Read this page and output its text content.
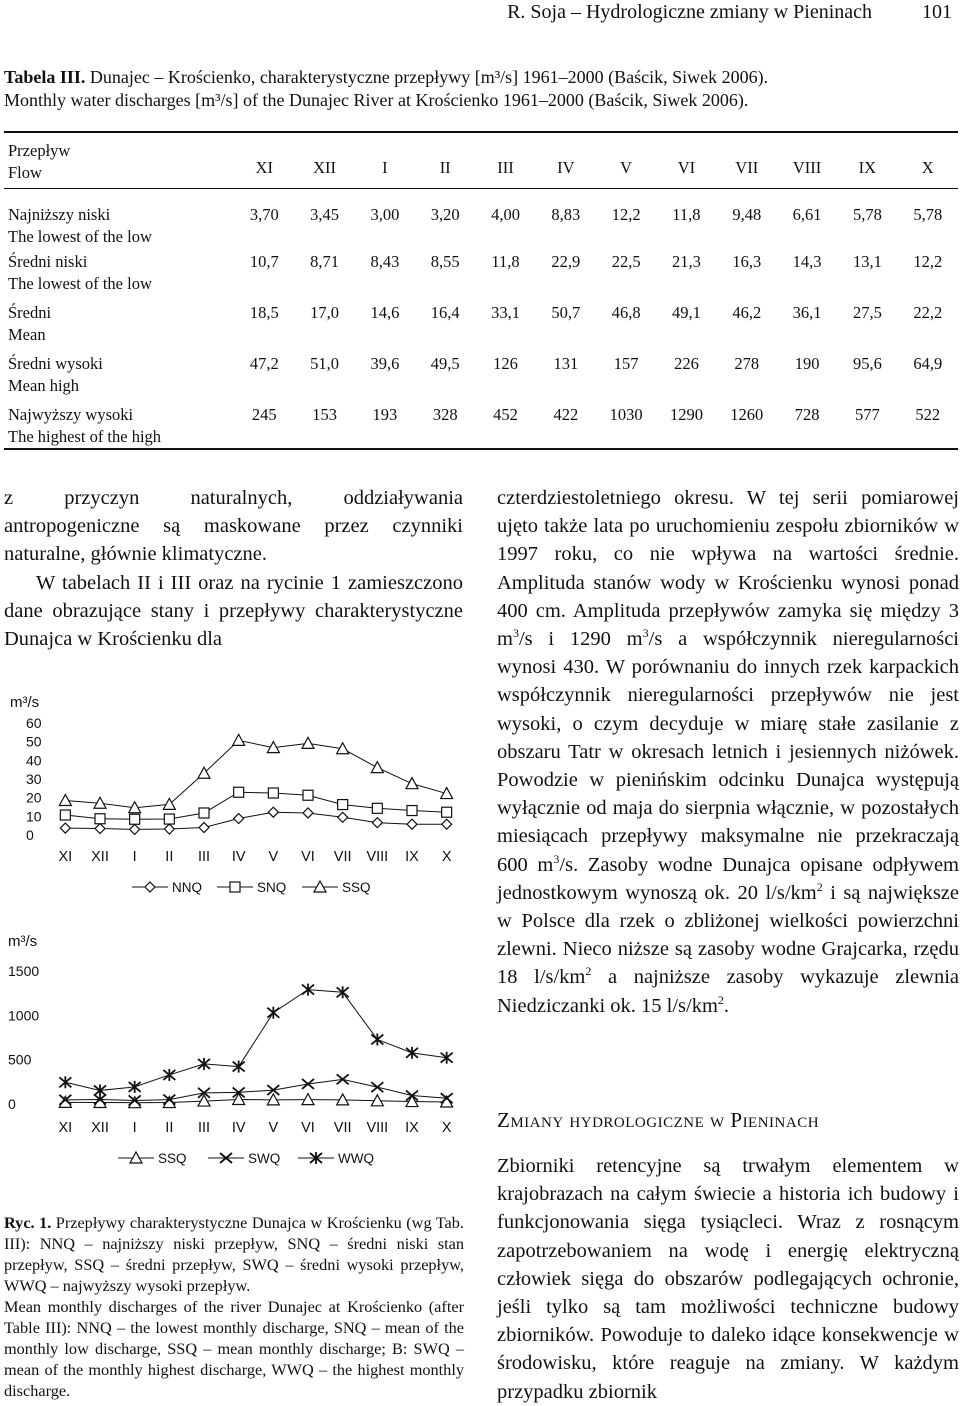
R. Soja – Hydrologiczne zmiany w Pieninach	101
Tabela III. Dunajec – Krościenko, charakterystyczne przepływy [m³/s] 1961–2000 (Baścik, Siwek 2006).
Monthly water discharges [m³/s] of the Dunajec River at Krościenko 1961–2000 (Baścik, Siwek 2006).
Przepływ
Flow	XI	XII	I	II	III	IV	V	VI	VII	VIII	IX	X
Najniższy niski
The lowest of the low	3,70	3,45	3,00	3,20	4,00	8,83	12,2	11,8	9,48	6,61	5,78	5,78
Średni niski
The lowest of the low	10,7	8,71	8,43	8,55	11,8	22,9	22,5	21,3	16,3	14,3	13,1	12,2
Średni
Mean	18,5	17,0	14,6	16,4	33,1	50,7	46,8	49,1	46,2	36,1	27,5	22,2
Średni wysoki
Mean high	47,2	51,0	39,6	49,5	126	131	157	226	278	190	95,6	64,9
Najwyższy wysoki
The highest of the high	245	153	193	328	452	422	1030	1290	1260	728	577	522
z przyczyn naturalnych, oddziaływania antropogeniczne są maskowane przez czynniki naturalne, głównie klimatyczne.
W tabelach II i III oraz na rycinie 1 zamieszczono dane obrazujące stany i przepływy charakterystyczne Dunajca w Krościenku dla
czterdziestoletniego okresu. W tej serii pomiarowej ujęto także lata po uruchomieniu zespołu zbiorników w 1997 roku, co nie wpływa na wartości średnie. Amplituda stanów wody w Krościenku wynosi ponad 400 cm. Amplituda przepływów zamyka się między 3 $m^3/s$ i 1290 $m^3/s$ a współczynnik nieregularności wynosi 430. W porównaniu do innych rzek karpackich współczynnik nieregularności przepływów nie jest wysoki, o czym decyduje w miarę stałe zasilanie z obszaru Tatr w okresach letnich i jesiennych niżówek. Powodzie w pienińskim odcinku Dunajca występują wyłącznie od maja do sierpnia włącznie, w pozostałych miesiącach przepływy maksymalne nie przekraczają 600 $m^3/s$. Zasoby wodne Dunajca opisane odpływem jednostkowym wynoszą ok. 20 $l/s/km^2$ i są największe w Polsce dla rzek o zbliżonej wielkości powierzchni zlewni. Nieco niższe są zasoby wodne Grajcarka, rzędu 18 $l/s/km^2$ a najniższe zasoby wykazuje zlewnia Niedziczanki ok. 15 $l/s/km^2$.
Zmiany hydrologiczne w Pieninach
Zbiorniki retencyjne są trwałym elementem w krajobrazach na całym świecie a historia ich budowy i funkcjonowania sięga tysiącleci. Wraz z rosnącym zapotrzebowaniem na wodę i energię elektryczną człowiek sięga do obszarów podlegających ochronie, jeśli tylko są tam możliwości techniczne budowy zbiorników. Powoduje to daleko idące konsekwencje w środowisku, które reaguje na zmiany. W każdym przypadku zbiornik
m³/s
60
50
40
30
20
10
0
XI XII I II III IV V VI VII VIII IX X
NNQ	SNQ	SSQ
m³/s
1500
1000
500
0
XI XII I II III IV V VI VII VIII IX X
SSQ	SWQ	WWQ
Ryc. 1. Przepływy charakterystyczne Dunajca w Krościenku (wg Tab. III): NNQ – najniższy niski przepływ, SNQ – średni niski stan przepływ, SSQ – średni przepływ, SWQ – średni wysoki przepływ, WWQ – najwyższy wysoki przepływ.
Mean monthly discharges of the river Dunajec at Krościenko (after Table III): NNQ – the lowest monthly discharge, SNQ – mean of the monthly low discharge, SSQ – mean monthly discharge; B: SWQ – mean of the monthly highest discharge, WWQ – the highest monthly discharge.
